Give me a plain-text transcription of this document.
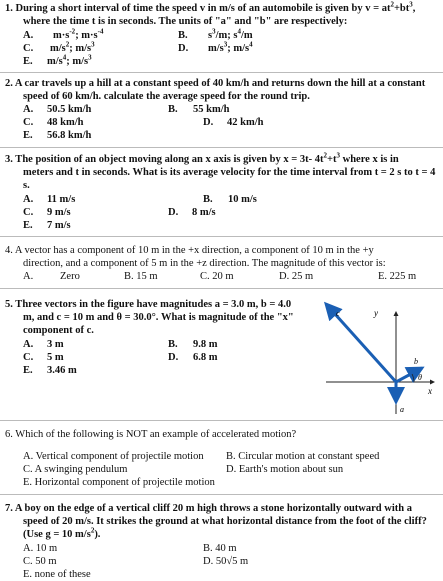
1. During a short interval of time the speed v in m/s of an automobile is given by $v = at^2+bt^3$,
where the time t is in seconds. The units of "a" and "b" are respectively:
A. $m\cdot s^{-2}$; $m\cdot s^{-4}$	B. $s^3/m$; $s^4/m$
C. $m/s^2$; $m/s^3$	D. $m/s^3$; $m/s^4$
E. $m/s^4$; $m/s^3$
2. A car travels up a hill at a constant speed of 40 km/h and returns down the hill at a constant
speed of 60 km/h. calculate the average speed for the round trip.
A. 50.5 km/h	B. 55 km/h
C. 48 km/h	D. 42 km/h
E. 56.8 km/h
3. The position of an object moving along an x axis is given by x = 3t- $4t^2+t^3$ where x is in
meters and t in seconds. What is its average velocity for the time interval from t = 2 s to t = 4
s.
A. 11 m/s	B. 10 m/s
C. 9 m/s	D. 8 m/s
E. 7 m/s
4. A vector has a component of 10 m in the +x direction, a component of 10 m in the +y
direction, and a component of 5 m in the +z direction. The magnitude of this vector is:
A.	Zero	B. 15 m	C. 20 m	D. 25 m	E. 225 m
5. Three vectors in the figure have magnitudes a = 3.0 m, b = 4.0
m, and c = 10 m and θ = 30.0°. What is magnitude of the "x"
component of c.
A. 3 m	B. 9.8 m
C. 5 m	D. 6.8 m
E. 3.46 m
y
x
c
b
θ
a
6. Which of the following is NOT an example of accelerated motion?
A. Vertical component of projectile motion B. Circular motion at constant speed
C. A swinging pendulum	D. Earth's motion about sun
E. Horizontal component of projectile motion
7. A boy on the edge of a vertical cliff 20 m high throws a stone horizontally outward with a
speed of 20 m/s. It strikes the ground at what horizontal distance from the foot of the cliff?
(Use g = 10 $m/s^2$).
A. 10 m	B. 40 m
C. 50 m	D. 50√5 m
E. none of these
